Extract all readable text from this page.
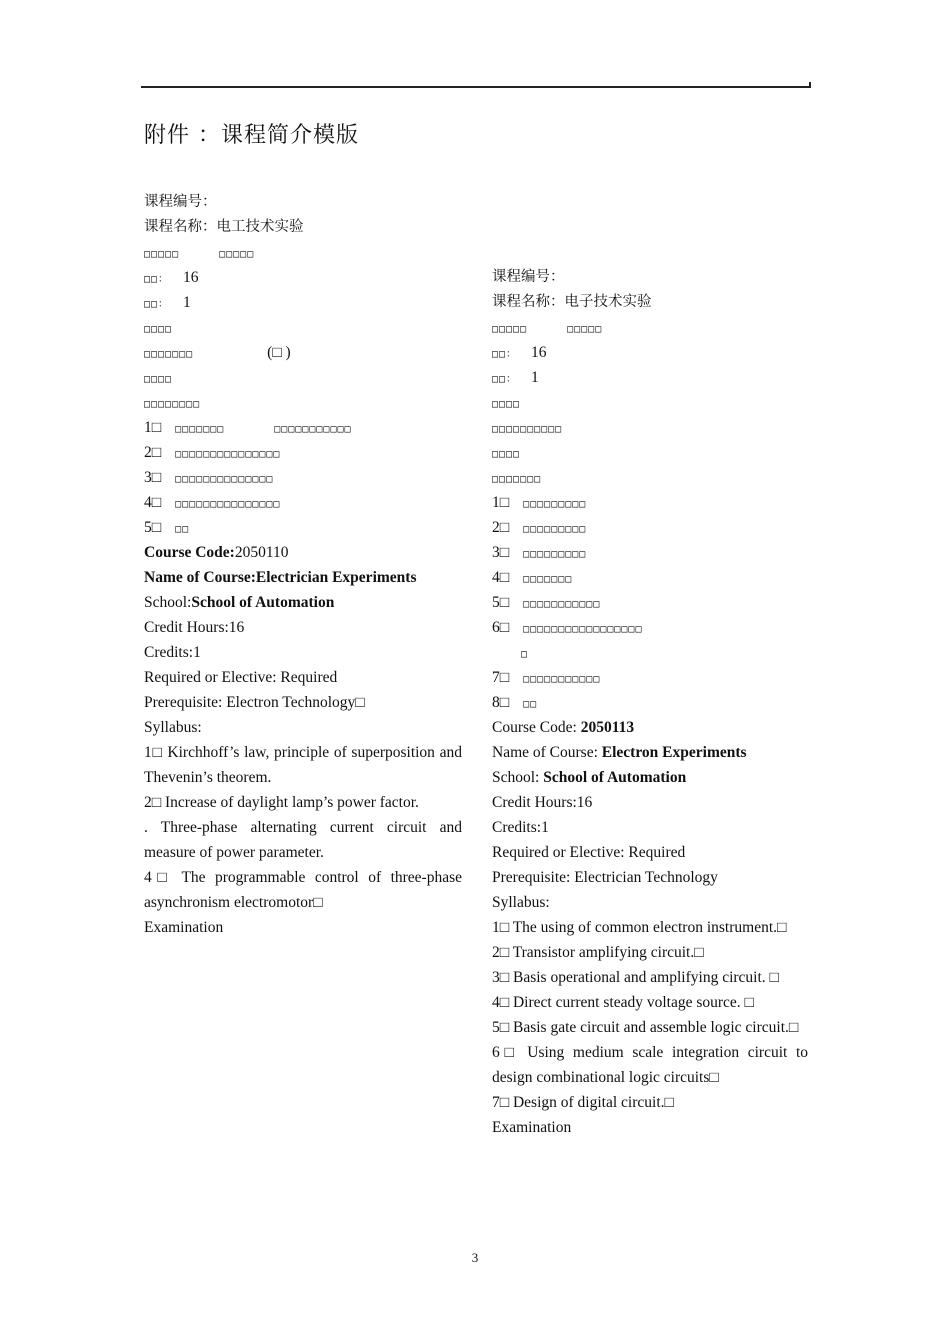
附件 ：课程简介模版
课程编号：
课程名称：电工技术实验
□□□□□	□□□□□
□□： 16
□□： 1
□□□□
□□□□□□□	(□ )
□□□□
□□□□□□□□
1□ □□□□□□□	□□□□□□□□□□□
2□ □□□□□□□□□□□□□□□
3□ □□□□□□□□□□□□□□
4□ □□□□□□□□□□□□□□□
5□ □□
Course Code:2050110
Name of Course:Electrician Experiments
School:School of Automation
Credit Hours:16
Credits:1
Required or Elective: Required
Prerequisite: Electron Technology□
Syllabus:
1□ Kirchhoff’s law, principle of superposition and Thevenin’s theorem.
2□ Increase of daylight lamp’s power factor.
. Three-phase alternating current circuit and measure of power parameter.
4□ The programmable control of three-phase asynchronism electromotor□
Examination
课程编号：
课程名称：电子技术实验
□□□□□	□□□□□
□□： 16
□□： 1
□□□□
□□□□□□□□□□
□□□□
□□□□□□□
1□ □□□□□□□□□
2□ □□□□□□□□□
3□ □□□□□□□□□
4□ □□□□□□□
5□ □□□□□□□□□□□
6□ □□□□□□□□□□□□□□□□□
□
7□ □□□□□□□□□□□
8□ □□
Course Code: 2050113
Name of Course: Electron Experiments
School: School of Automation
Credit Hours:16
Credits:1
Required or Elective: Required
Prerequisite: Electrician Technology
Syllabus:
1□ The using of common electron instrument.□
2□ Transistor amplifying circuit.□
3□ Basis operational and amplifying circuit. □
4□ Direct current steady voltage source. □
5□ Basis gate circuit and assemble logic circuit.□
6□ Using medium scale integration circuit to design combinational logic circuits□
7□ Design of digital circuit.□
Examination
3
